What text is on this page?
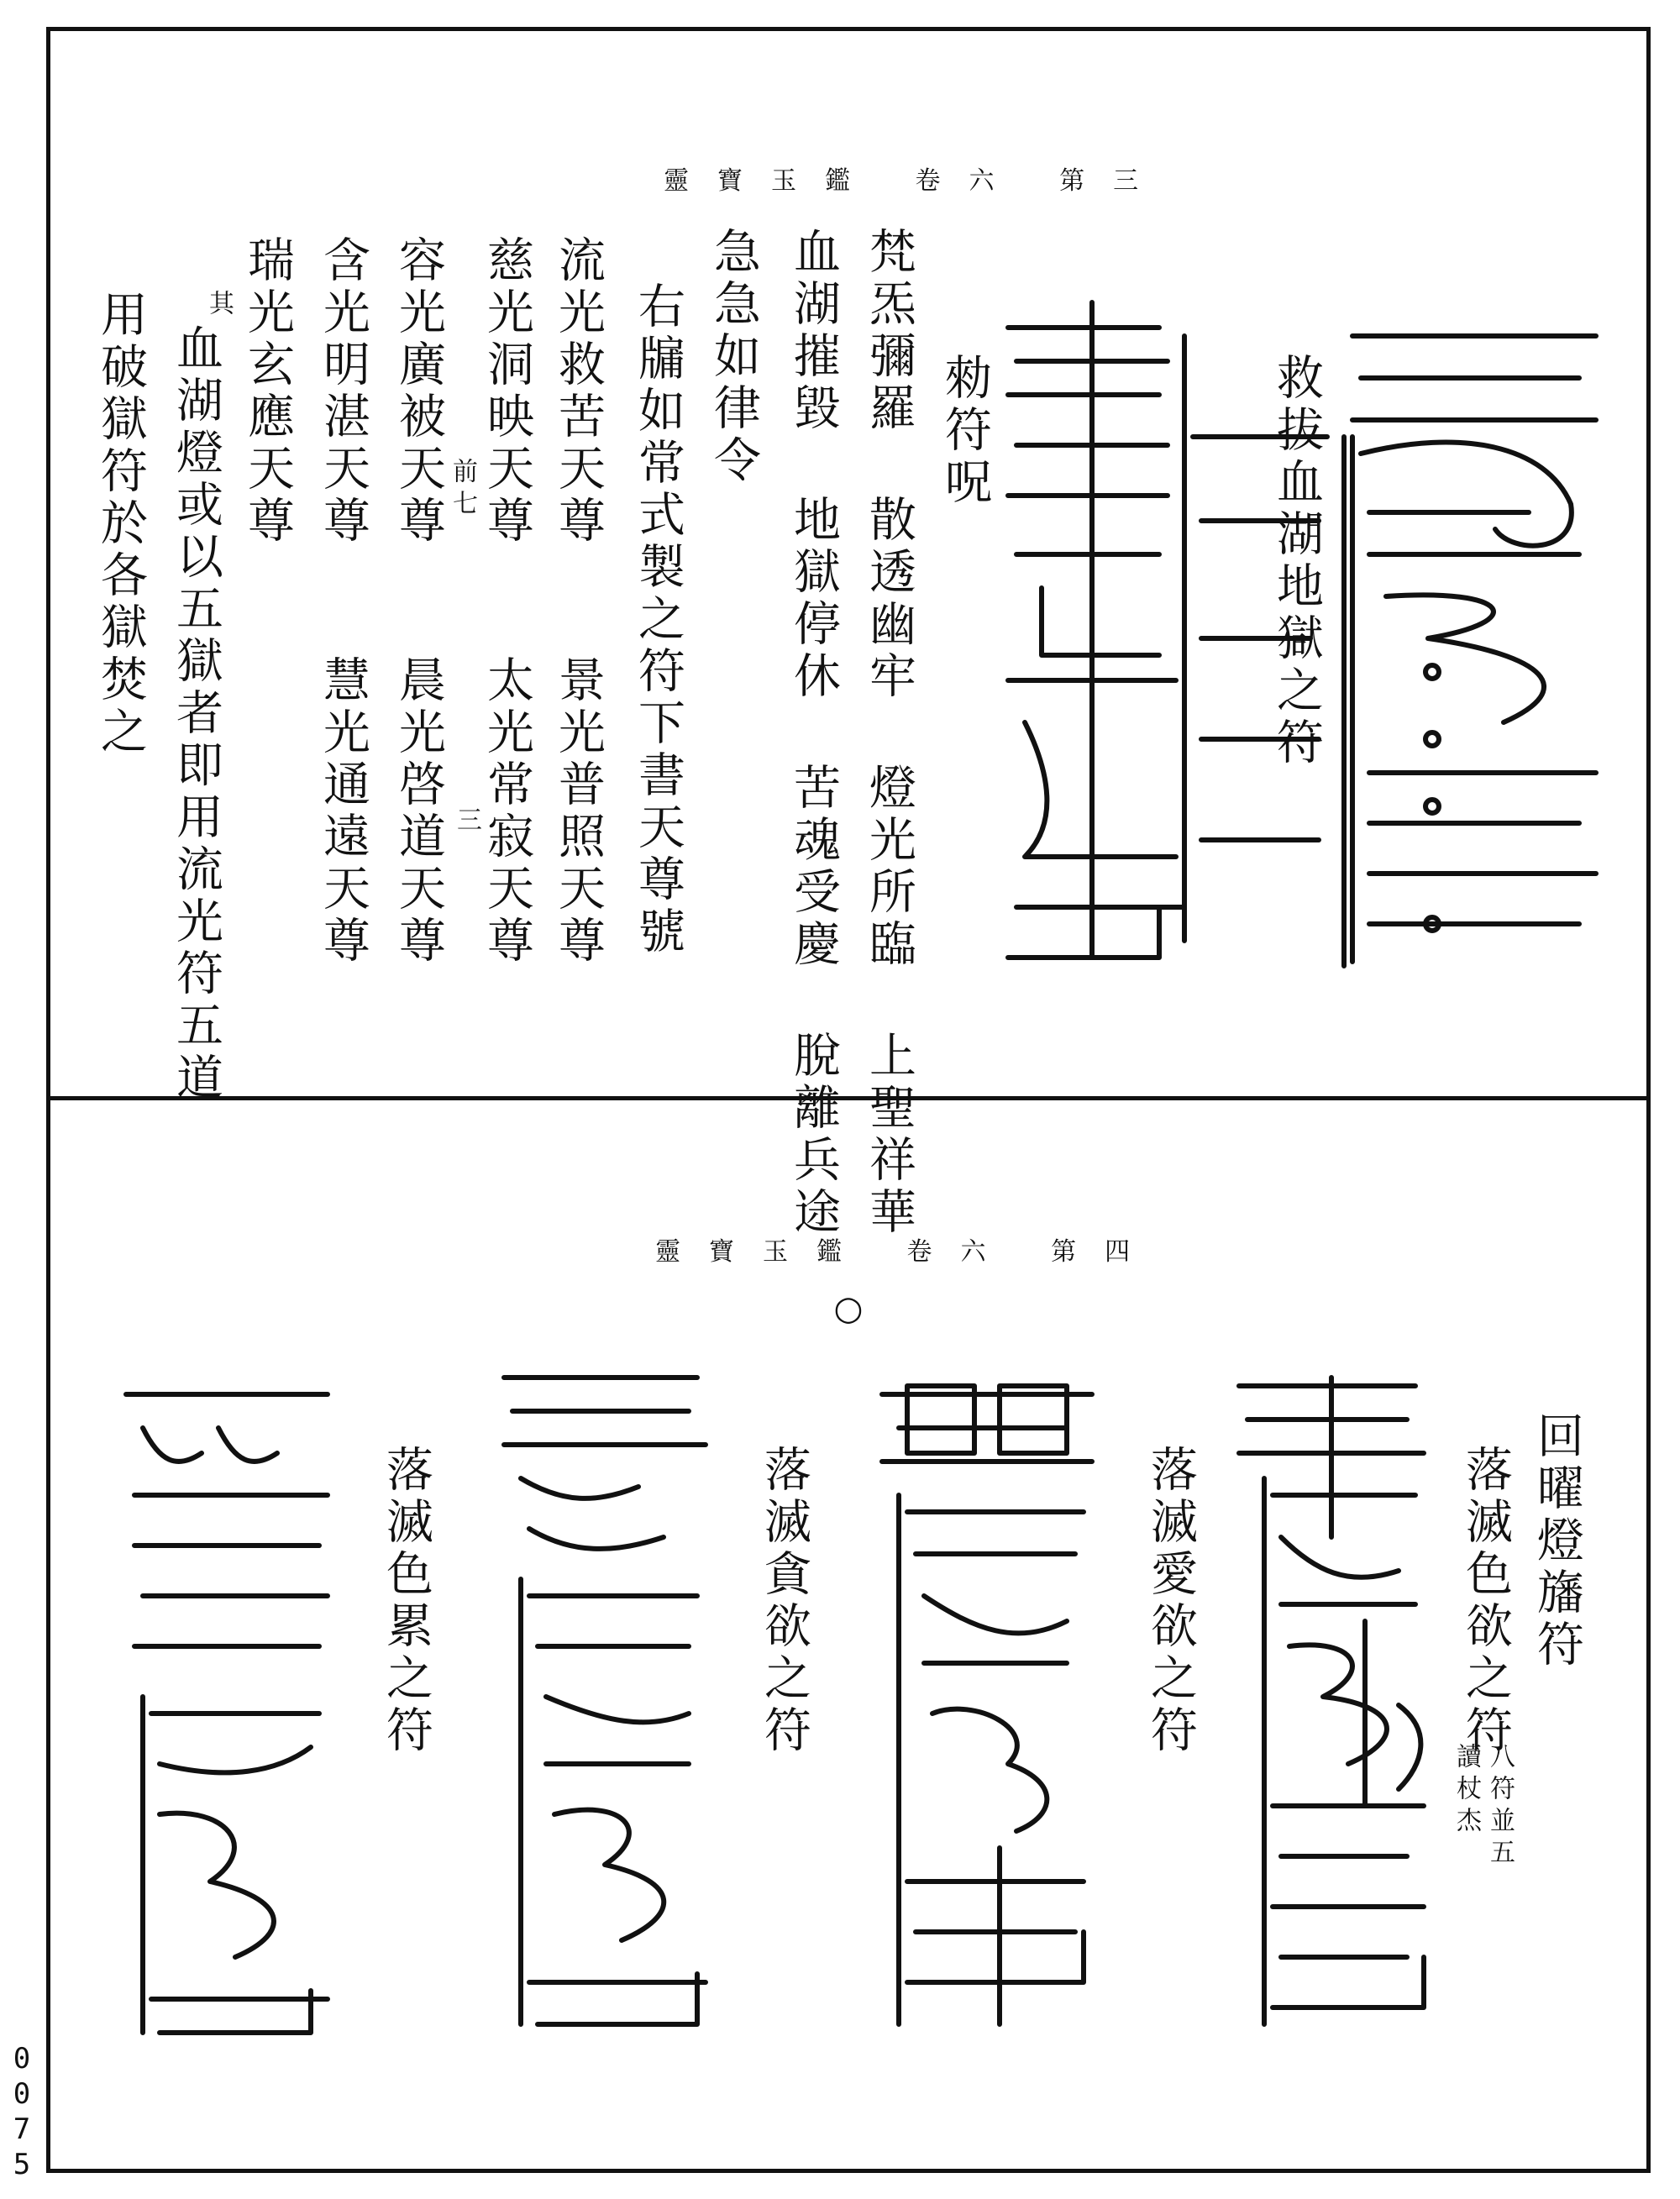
靈寶玉鑑 卷六 第三
救拔血湖地獄之符
勑符呪
梵炁彌羅 散透幽牢 燈光所臨 上聖祥華
血湖摧毀 地獄停休 苦魂受慶 脫離兵途
急急如律令
右牖如常式製之符下書天尊號
流光救苦天尊
慈光洞映天尊
容光廣被天尊
含光明湛天尊
瑞光玄應天尊
景光普照天尊
太光常寂天尊
晨光啓道天尊
慧光通遠天尊
前七
三
其
血湖燈或以五獄者即用流光符五道
用破獄符於各獄焚之
靈寶玉鑑 卷六 第四
○
回曜燈旛符
落滅色欲之符
八符並五
讀杖杰
落滅愛欲之符
落滅貪欲之符
落滅色累之符
0
0
7
5
